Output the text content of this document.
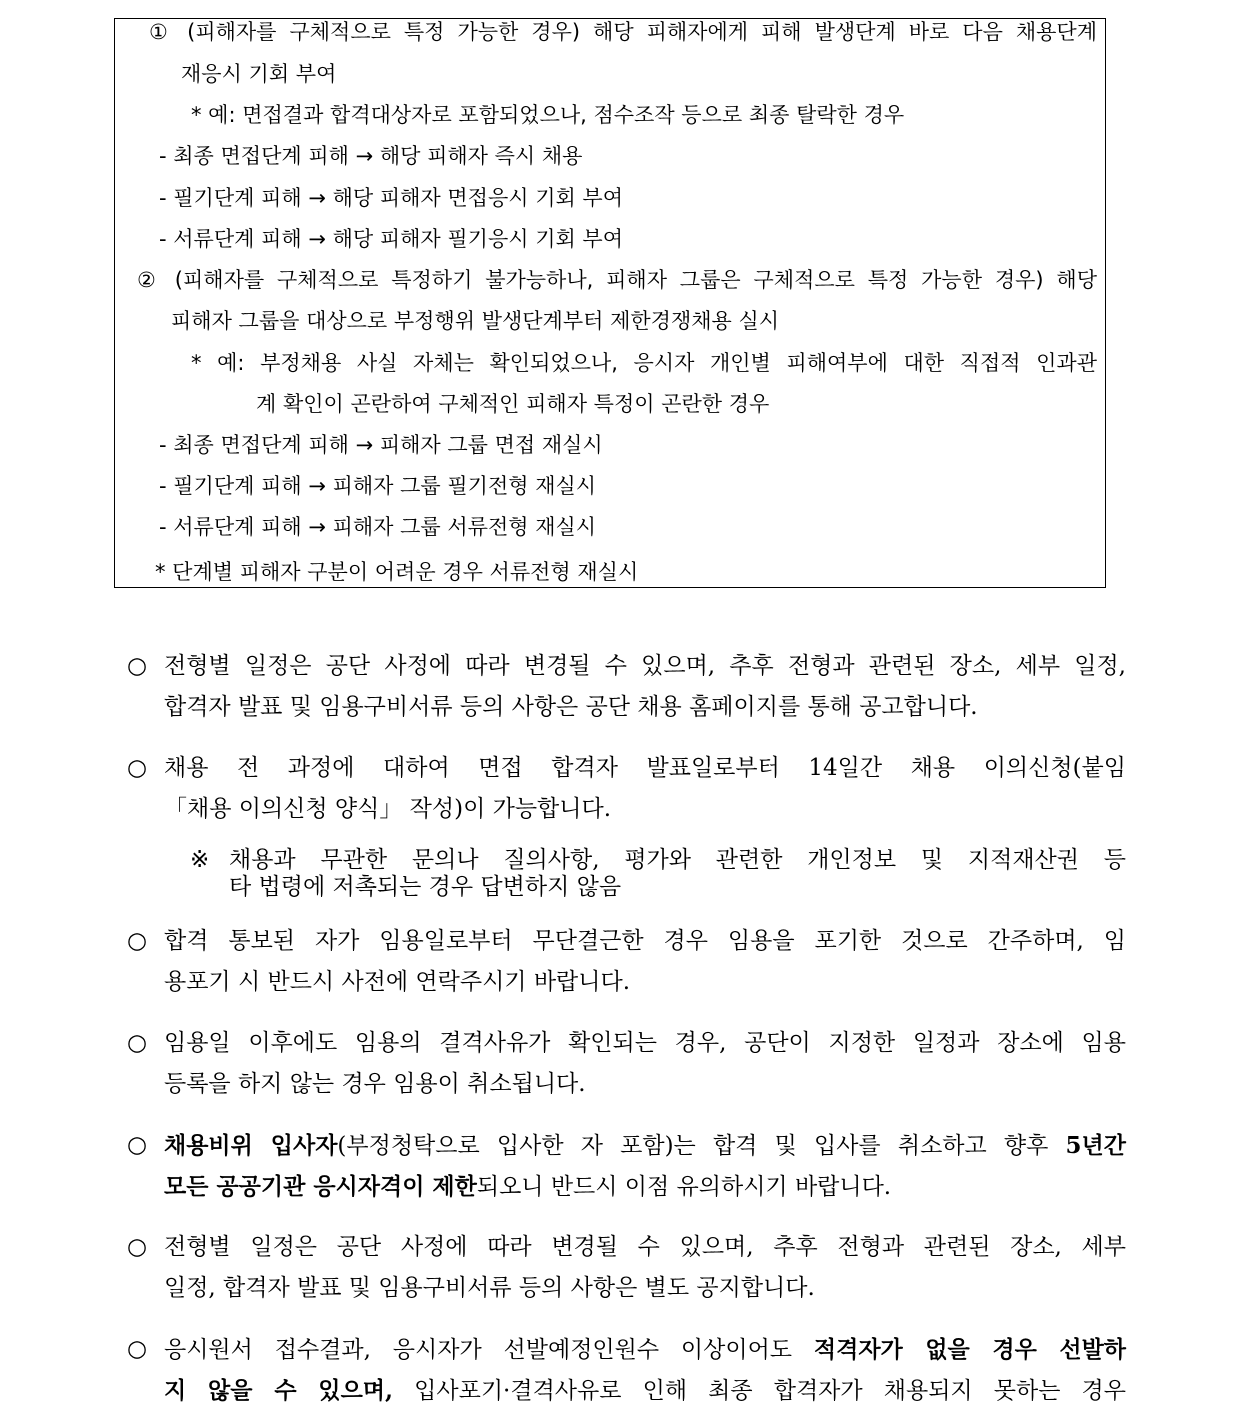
① (피해자를 구체적으로 특정 가능한 경우) 해당 피해자에게 피해 발생단계 바로 다음 채용단계
재응시 기회 부여
* 예: 면접결과 합격대상자로 포함되었으나, 점수조작 등으로 최종 탈락한 경우
- 최종 면접단계 피해 → 해당 피해자 즉시 채용
- 필기단계 피해 → 해당 피해자 면접응시 기회 부여
- 서류단계 피해 → 해당 피해자 필기응시 기회 부여
② (피해자를 구체적으로 특정하기 불가능하나, 피해자 그룹은 구체적으로 특정 가능한 경우) 해당
피해자 그룹을 대상으로 부정행위 발생단계부터 제한경쟁채용 실시
* 예: 부정채용 사실 자체는 확인되었으나, 응시자 개인별 피해여부에 대한 직접적 인과관
계 확인이 곤란하여 구체적인 피해자 특정이 곤란한 경우
- 최종 면접단계 피해 → 피해자 그룹 면접 재실시
- 필기단계 피해 → 피해자 그룹 필기전형 재실시
- 서류단계 피해 → 피해자 그룹 서류전형 재실시
* 단계별 피해자 구분이 어려운 경우 서류전형 재실시
○ 전형별 일정은 공단 사정에 따라 변경될 수 있으며, 추후 전형과 관련된 장소, 세부 일정,
합격자 발표 및 임용구비서류 등의 사항은 공단 채용 홈페이지를 통해 공고합니다.
○ 채용 전 과정에 대하여 면접 합격자 발표일로부터 14일간 채용 이의신청(붙임
「채용 이의신청 양식」 작성)이 가능합니다.
※ 채용과 무관한 문의나 질의사항, 평가와 관련한 개인정보 및 지적재산권 등
타 법령에 저촉되는 경우 답변하지 않음
○ 합격 통보된 자가 임용일로부터 무단결근한 경우 임용을 포기한 것으로 간주하며, 임
용포기 시 반드시 사전에 연락주시기 바랍니다.
○ 임용일 이후에도 임용의 결격사유가 확인되는 경우, 공단이 지정한 일정과 장소에 임용
등록을 하지 않는 경우 임용이 취소됩니다.
○ 채용비위 입사자(부정청탁으로 입사한 자 포함)는 합격 및 입사를 취소하고 향후 5년간
모든 공공기관 응시자격이 제한되오니 반드시 이점 유의하시기 바랍니다.
○ 전형별 일정은 공단 사정에 따라 변경될 수 있으며, 추후 전형과 관련된 장소, 세부
일정, 합격자 발표 및 임용구비서류 등의 사항은 별도 공지합니다.
○ 응시원서 접수결과, 응시자가 선발예정인원수 이상이어도 적격자가 없을 경우 선발하
지 않을 수 있으며, 입사포기·결격사유로 인해 최종 합격자가 채용되지 못하는 경우
